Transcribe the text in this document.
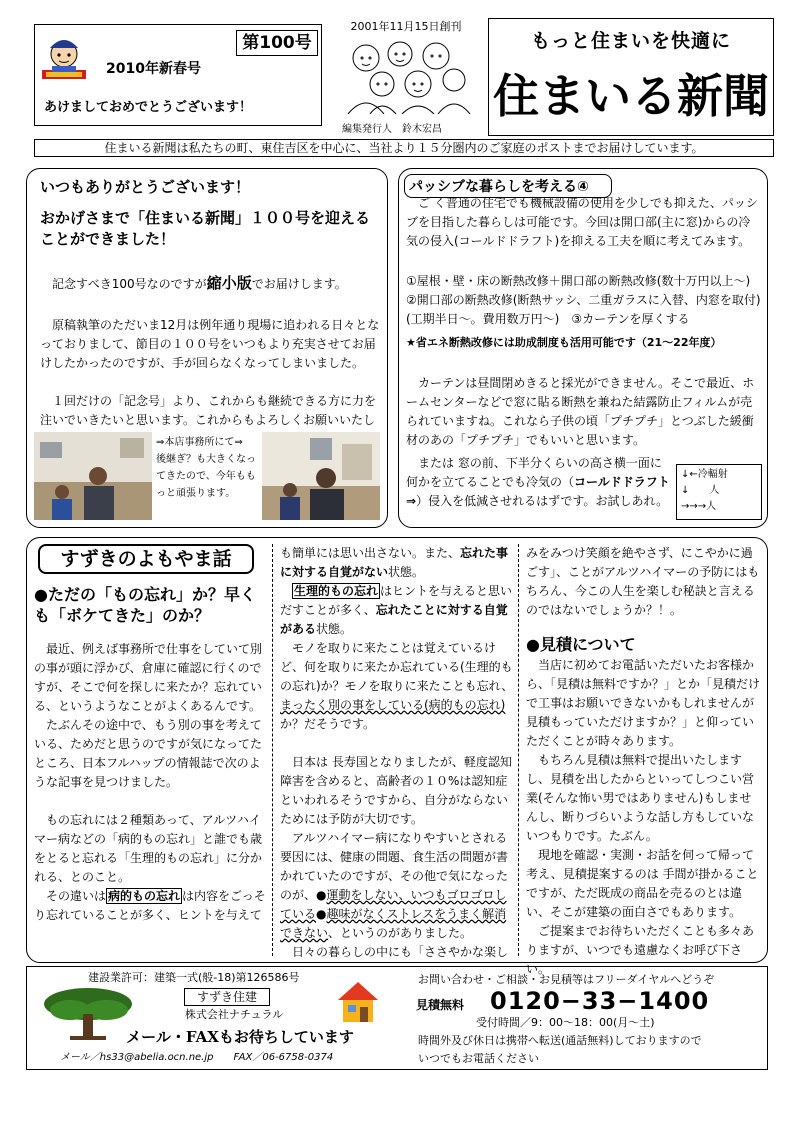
第100号
2010年新春号
あけましておめでとうございます！
2001年11月15日創刊
編集発行人　鈴木宏昌
もっと住まいを快適に
住まいる新聞
住まいる新聞は私たちの町、東住吉区を中心に、当社より１５分圏内のご家庭のポストまでお届けしています。
いつもありがとうございます！
おかげさまで「住まいる新聞」１００号を迎えることができました！
　記念すべき100号なのですが縮小版でお届けします。
原稿執筆のただいま12月は例年通り現場に追われる日々となっておりまして、節目の１００号をいつもより充実させてお届けしたかったのですが、手が回らなくなってしまいました。
１回だけの「記念号」より、これからも継続できる方に力を注いでいきたいと思います。これからもよろしくお願いいたし
⇒本店事務所にて⇒
後継ぎ？も大きくなってきたので、今年ももっと頑張ります。
パッシブな暮らしを考える④
ご く普通の住宅でも機械設備の使用を少しでも抑えた、パッシブを目指した暮らしは可能です。今回は開口部(主に窓)からの冷気の侵入(コールドドラフト)を抑える工夫を順に考えてみます。
①屋根・壁・床の断熱改修＋開口部の断熱改修(数十万円以上〜)　②開口部の断熱改修(断熱サッシ、二重ガラスに入替、内窓を取付)(工期半日〜。費用数万円〜)　③カーテンを厚くする
★省エネ断熱改修には助成制度も活用可能です（21〜22年度）
カーテンは昼間閉めきると採光ができません。そこで最近、ホームセンターなどで窓に貼る断熱を兼ねた結露防止フィルムが売られていますね。これなら子供の頃「プチプチ」とつぶした緩衝材のあの「プチプチ」でもいいと思います。
　または 窓の前、下半分くらいの高さ横一面に何かを立てることでも冷気の（コールドドラフト⇒）侵入を低減させれるはずです。お試しあれ。
↓←冷輻射
↓　　人
→→→人
すずきのよもやま話
●ただの「もの忘れ」か？早くも「ボケてきた」のか？

　最近、例えば事務所で仕事をしていて別の事が頭に浮かび、倉庫に確認に行くのですが、そこで何を探しに来たか？忘れている、というようなことがよくあるんです。

　たぶんその途中で、もう別の事を考えている、ためだと思うのですが気になってたところ、日本フルハップの情報誌で次のような記事を見つけました。

　もの忘れには２種類あって、アルツハイマー病などの「病的もの忘れ」と誰でも歳をとると忘れる「生理的もの忘れ」に分かれる、とのこと。

　その違いは 病的もの忘れ は内容をごっそり忘れていることが多く、ヒントを与えて

も簡単には思い出さない。また、忘れた事に対する自覚がない状態。

　生理的もの忘れ はヒントを与えると思いだすことが多く、忘れたことに対する自覚がある状態。

　モノを取りに来たことは覚えているけど、何を取りに来たか忘れている(生理的もの忘れ)か？モノを取りに来たことも忘れ、まったく別の事をしている(病的もの忘れ)か？だそうです。

　日本は 長寿国となりましたが、軽度認知障害を含めると、高齢者の１０%は認知症といわれるそうですから、自分がならないためには予防が大切です。

　アルツハイマー病になりやすいとされる要因には、健康の問題、食生活の問題が書かれていたのですが、その他で気になったのが、●運動をしない、いつもゴロゴロしている●趣味がなくストレスをうまく解消できない、というのがありました。

　日々の暮らしの中にも「ささやかな楽し

みをみつけ笑顔を絶やさず、にこやかに過ごす」、ことがアルツハイマーの予防にはもちろん、今この人生を楽しむ秘訣と言えるのではないでしょうか？！。

●見積について

　当店に初めてお電話いただいたお客様から、「見積は無料ですか？」とか「見積だけで工事はお願いできないかもしれませんが見積もっていただけますか？」と仰っていただくことが時々あります。

　もちろん見積は無料で提出いたしますし、見積を出したからといってしつこい営業(そんな怖い男ではありません)もしませんし、断りづらいような話し方もしていないつもりです。たぶん。

　現地を確認・実測・お話を伺って帰って考え、見積提案するのは 手間が掛かることですが、ただ既成の商品を売るのとは違い、そこが建築の面白さでもあります。

　ご提案までお待ちいただくことも多々ありますが、いつでも遠慮なくお呼び下さい。

建設業許可：建築一式(般-18)第126586号
すずき住建
株式会社ナチュラル
メール・FAXもお待ちしています
メール／hs33@abelia.ocn.ne.jp　　FAX／06-6758-0374
お問い合わせ・ご相談・お見積等はフリーダイヤルへどうぞ
見積無料	0120−33−1400
受付時間／9：00〜18：00(月〜土)
時間外及び休日は携帯へ転送(通話無料)しておりますので
いつでもお電話ください
